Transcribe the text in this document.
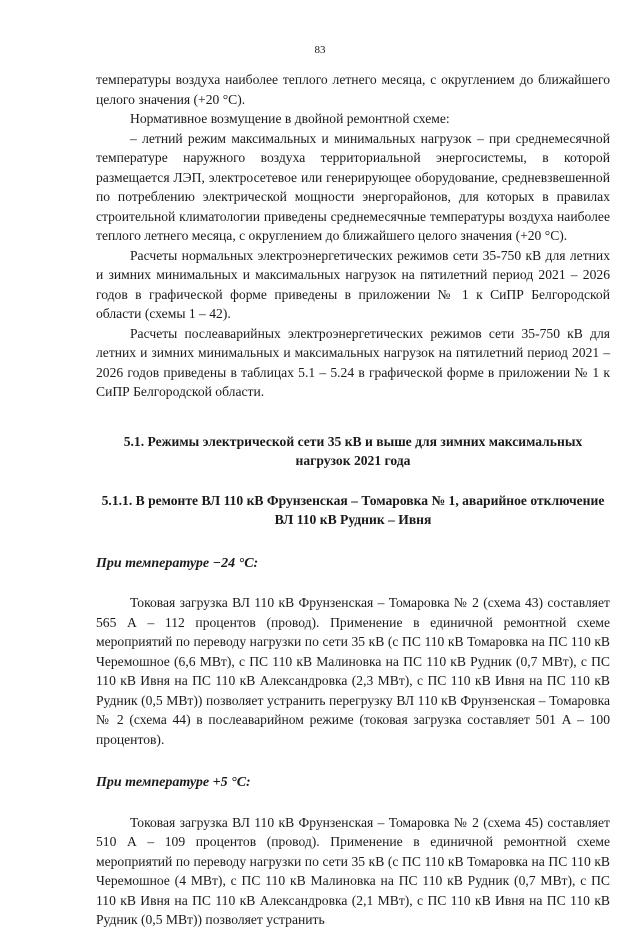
83

температуры воздуха наиболее теплого летнего месяца, с округлением до ближайшего целого значения (+20 °С).

Нормативное возмущение в двойной ремонтной схеме:

– летний режим максимальных и минимальных нагрузок – при среднемесячной температуре наружного воздуха территориальной энергосистемы, в которой размещается ЛЭП, электросетевое или генерирующее оборудование, средневзвешенной по потреблению электрической мощности энергорайонов, для которых в правилах строительной климатологии приведены среднемесячные температуры воздуха наиболее теплого летнего месяца, с округлением до ближайшего целого значения (+20 °С).

Расчеты нормальных электроэнергетических режимов сети 35-750 кВ для летних и зимних минимальных и максимальных нагрузок на пятилетний период 2021 – 2026 годов в графической форме приведены в приложении № 1 к СиПР Белгородской области (схемы 1 – 42).

Расчеты послеаварийных электроэнергетических режимов сети 35-750 кВ для летних и зимних минимальных и максимальных нагрузок на пятилетний период 2021 – 2026 годов приведены в таблицах 5.1 – 5.24 в графической форме в приложении № 1 к СиПР Белгородской области.

5.1. Режимы электрической сети 35 кВ и выше для зимних максимальных нагрузок 2021 года

5.1.1. В ремонте ВЛ 110 кВ Фрунзенская – Томаровка № 1, аварийное отключение ВЛ 110 кВ Рудник – Ивня

При температуре −24 °С:

Токовая загрузка ВЛ 110 кВ Фрунзенская – Томаровка № 2 (схема 43) составляет 565 А – 112 процентов (провод). Применение в единичной ремонтной схеме мероприятий по переводу нагрузки по сети 35 кВ (с ПС 110 кВ Томаровка на ПС 110 кВ Черемошное (6,6 МВт), с ПС 110 кВ Малиновка на ПС 110 кВ Рудник (0,7 МВт), с ПС 110 кВ Ивня на ПС 110 кВ Александровка (2,3 МВт), с ПС 110 кВ Ивня на ПС 110 кВ Рудник (0,5 МВт)) позволяет устранить перегрузку ВЛ 110 кВ Фрунзенская – Томаровка № 2 (схема 44) в послеаварийном режиме (токовая загрузка составляет 501 А – 100 процентов).

При температуре +5 °С:

Токовая загрузка ВЛ 110 кВ Фрунзенская – Томаровка № 2 (схема 45) составляет 510 А – 109 процентов (провод). Применение в единичной ремонтной схеме мероприятий по переводу нагрузки по сети 35 кВ (с ПС 110 кВ Томаровка на ПС 110 кВ Черемошное (4 МВт), с ПС 110 кВ Малиновка на ПС 110 кВ Рудник (0,7 МВт), с ПС 110 кВ Ивня на ПС 110 кВ Александровка (2,1 МВт), с ПС 110 кВ Ивня на ПС 110 кВ Рудник (0,5 МВт)) позволяет устранить
